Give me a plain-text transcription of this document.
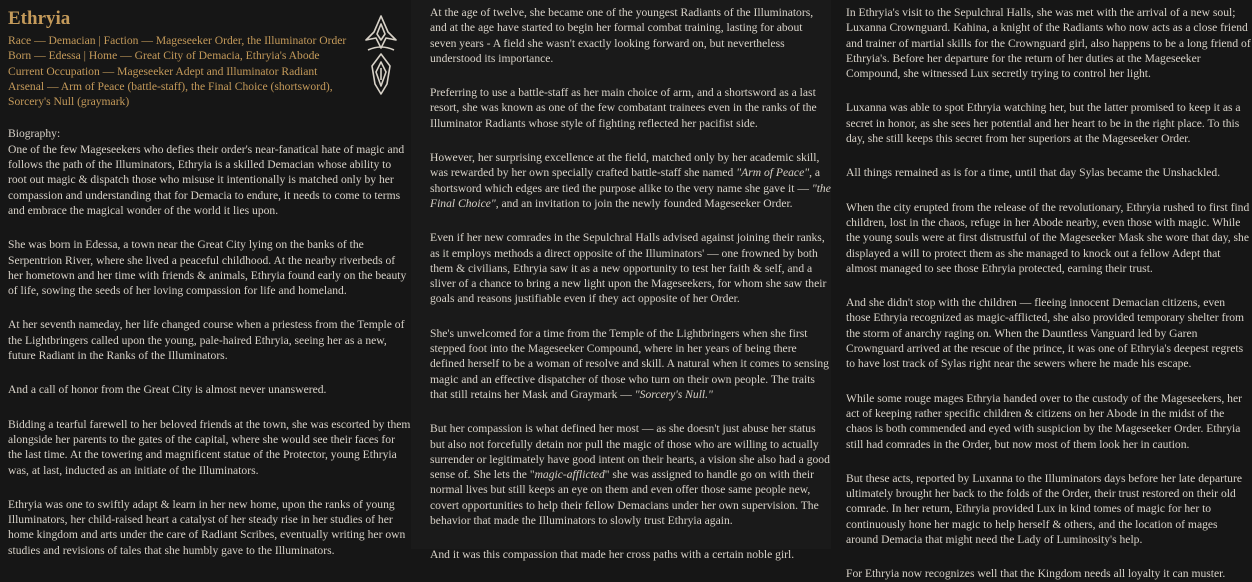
Ethryia
Race — Demacian | Faction — Mageseeker Order, the Illuminator Order
Born — Edessa | Home — Great City of Demacia, Ethryia's Abode
Current Occupation — Mageseeker Adept and Illuminator Radiant
Arsenal — Arm of Peace (battle-staff), the Final Choice (shortsword),
Sorcery's Null (graymark)

Biography:

One of the few Mageseekers who defies their order's near-fanatical hate of magic and follows the path of the Illuminators, Ethryia is a skilled Demacian whose ability to root out magic & dispatch those who misuse it intentionally is matched only by her compassion and understanding that for Demacia to endure, it needs to come to terms and embrace the magical wonder of the world it lies upon.

She was born in Edessa, a town near the Great City lying on the banks of the Serpentrion River, where she lived a peaceful childhood. At the nearby riverbeds of her hometown and her time with friends & animals, Ethryia found early on the beauty of life, sowing the seeds of her loving compassion for life and homeland.

At her seventh nameday, her life changed course when a priestess from the Temple of the Lightbringers called upon the young, pale-haired Ethryia, seeing her as a new, future Radiant in the Ranks of the Illuminators.

And a call of honor from the Great City is almost never unanswered.

Bidding a tearful farewell to her beloved friends at the town, she was escorted by them alongside her parents to the gates of the capital, where she would see their faces for the last time. At the towering and magnificent statue of the Protector, young Ethryia was, at last, inducted as an initiate of the Illuminators.

Ethryia was one to swiftly adapt & learn in her new home, upon the ranks of young Illuminators, her child-raised heart a catalyst of her steady rise in her studies of her home kingdom and arts under the care of Radiant Scribes, eventually writing her own studies and revisions of tales that she humbly gave to the Illuminators.

At the age of twelve, she became one of the youngest Radiants of the Illuminators, and at the age have started to begin her formal combat training, lasting for about seven years - A field she wasn't exactly looking forward on, but nevertheless understood its importance.

Preferring to use a battle-staff as her main choice of arm, and a shortsword as a last resort, she was known as one of the few combatant trainees even in the ranks of the Illuminator Radiants whose style of fighting reflected her pacifist side.

However, her surprising excellence at the field, matched only by her academic skill, was rewarded by her own specially crafted battle-staff she named "Arm of Peace", a shortsword which edges are tied the purpose alike to the very name she gave it — "the Final Choice", and an invitation to join the newly founded Mageseeker Order.

Even if her new comrades in the Sepulchral Halls advised against joining their ranks, as it employs methods a direct opposite of the Illuminators' — one frowned by both them & civilians, Ethryia saw it as a new opportunity to test her faith & self, and a sliver of a chance to bring a new light upon the Mageseekers, for whom she saw their goals and reasons justifiable even if they act opposite of her Order.

She's unwelcomed for a time from the Temple of the Lightbringers when she first stepped foot into the Mageseeker Compound, where in her years of being there defined herself to be a woman of resolve and skill. A natural when it comes to sensing magic and an effective dispatcher of those who turn on their own people. The traits that still retains her Mask and Graymark — "Sorcery's Null."

But her compassion is what defined her most — as she doesn't just abuse her status but also not forcefully detain nor pull the magic of those who are willing to actually surrender or legitimately have good intent on their hearts, a vision she also had a good sense of. She lets the "magic-afflicted" she was assigned to handle go on with their normal lives but still keeps an eye on them and even offer those same people new, covert opportunities to help their fellow Demacians under her own supervision. The behavior that made the Illuminators to slowly trust Ethryia again.

And it was this compassion that made her cross paths with a certain noble girl.

In Ethryia's visit to the Sepulchral Halls, she was met with the arrival of a new soul; Luxanna Crownguard. Kahina, a knight of the Radiants who now acts as a close friend and trainer of martial skills for the Crownguard girl, also happens to be a long friend of Ethryia's. Before her departure for the return of her duties at the Mageseeker Compound, she witnessed Lux secretly trying to control her light.

Luxanna was able to spot Ethryia watching her, but the latter promised to keep it as a secret in honor, as she sees her potential and her heart to be in the right place. To this day, she still keeps this secret from her superiors at the Mageseeker Order.

All things remained as is for a time, until that day Sylas became the Unshackled.

When the city erupted from the release of the revolutionary, Ethryia rushed to first find children, lost in the chaos, refuge in her Abode nearby, even those with magic. While the young souls were at first distrustful of the Mageseeker Mask she wore that day, she displayed a will to protect them as she managed to knock out a fellow Adept that almost managed to see those Ethryia protected, earning their trust.

And she didn't stop with the children — fleeing innocent Demacian citizens, even those Ethryia recognized as magic-afflicted, she also provided temporary shelter from the storm of anarchy raging on. When the Dauntless Vanguard led by Garen Crownguard arrived at the rescue of the prince, it was one of Ethryia's deepest regrets to have lost track of Sylas right near the sewers where he made his escape.

While some rouge mages Ethryia handed over to the custody of the Mageseekers, her act of keeping rather specific children & citizens on her Abode in the midst of the chaos is both commended and eyed with suspicion by the Mageseeker Order. Ethryia still had comrades in the Order, but now most of them look her in caution.

But these acts, reported by Luxanna to the Illuminators days before her late departure ultimately brought her back to the folds of the Order, their trust restored on their old comrade. In her return, Ethryia provided Lux in kind tomes of magic for her to continuously hone her magic to help herself & others, and the location of mages around Demacia that might need the Lady of Luminosity's help.

For Ethryia now recognizes well that the Kingdom needs all loyalty it can muster.
